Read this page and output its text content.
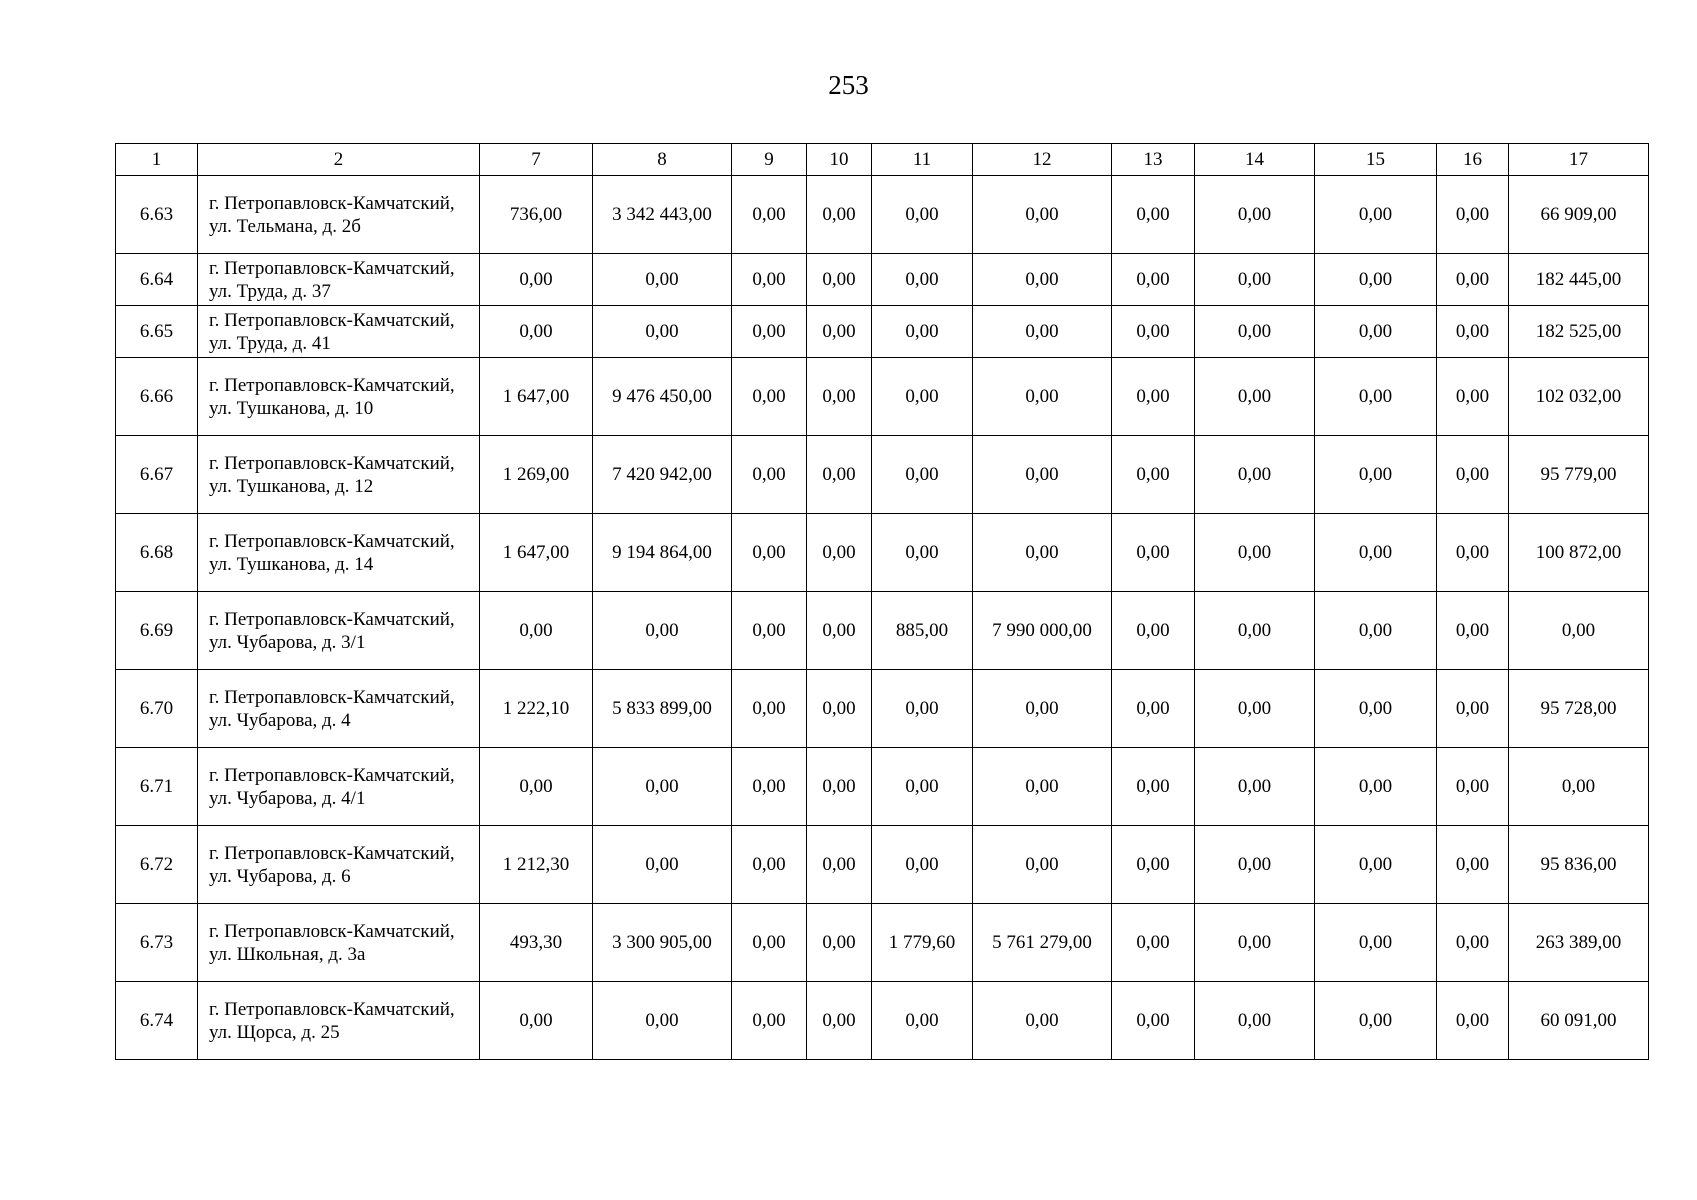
253
1	2	7	8	9	10	11	12	13	14	15	16	17
6.63	г. Петропавловск-Камчатский, ул. Тельмана, д. 2б	736,00	3 342 443,00	0,00	0,00	0,00	0,00	0,00	0,00	0,00	0,00	66 909,00
6.64	г. Петропавловск-Камчатский, ул. Труда, д. 37	0,00	0,00	0,00	0,00	0,00	0,00	0,00	0,00	0,00	0,00	182 445,00
6.65	г. Петропавловск-Камчатский, ул. Труда, д. 41	0,00	0,00	0,00	0,00	0,00	0,00	0,00	0,00	0,00	0,00	182 525,00
6.66	г. Петропавловск-Камчатский, ул. Тушканова, д. 10	1 647,00	9 476 450,00	0,00	0,00	0,00	0,00	0,00	0,00	0,00	0,00	102 032,00
6.67	г. Петропавловск-Камчатский, ул. Тушканова, д. 12	1 269,00	7 420 942,00	0,00	0,00	0,00	0,00	0,00	0,00	0,00	0,00	95 779,00
6.68	г. Петропавловск-Камчатский, ул. Тушканова, д. 14	1 647,00	9 194 864,00	0,00	0,00	0,00	0,00	0,00	0,00	0,00	0,00	100 872,00
6.69	г. Петропавловск-Камчатский, ул. Чубарова, д. 3/1	0,00	0,00	0,00	0,00	885,00	7 990 000,00	0,00	0,00	0,00	0,00	0,00
6.70	г. Петропавловск-Камчатский, ул. Чубарова, д. 4	1 222,10	5 833 899,00	0,00	0,00	0,00	0,00	0,00	0,00	0,00	0,00	95 728,00
6.71	г. Петропавловск-Камчатский, ул. Чубарова, д. 4/1	0,00	0,00	0,00	0,00	0,00	0,00	0,00	0,00	0,00	0,00	0,00
6.72	г. Петропавловск-Камчатский, ул. Чубарова, д. 6	1 212,30	0,00	0,00	0,00	0,00	0,00	0,00	0,00	0,00	0,00	95 836,00
6.73	г. Петропавловск-Камчатский, ул. Школьная, д. 3а	493,30	3 300 905,00	0,00	0,00	1 779,60	5 761 279,00	0,00	0,00	0,00	0,00	263 389,00
6.74	г. Петропавловск-Камчатский, ул. Щорса, д. 25	0,00	0,00	0,00	0,00	0,00	0,00	0,00	0,00	0,00	0,00	60 091,00
